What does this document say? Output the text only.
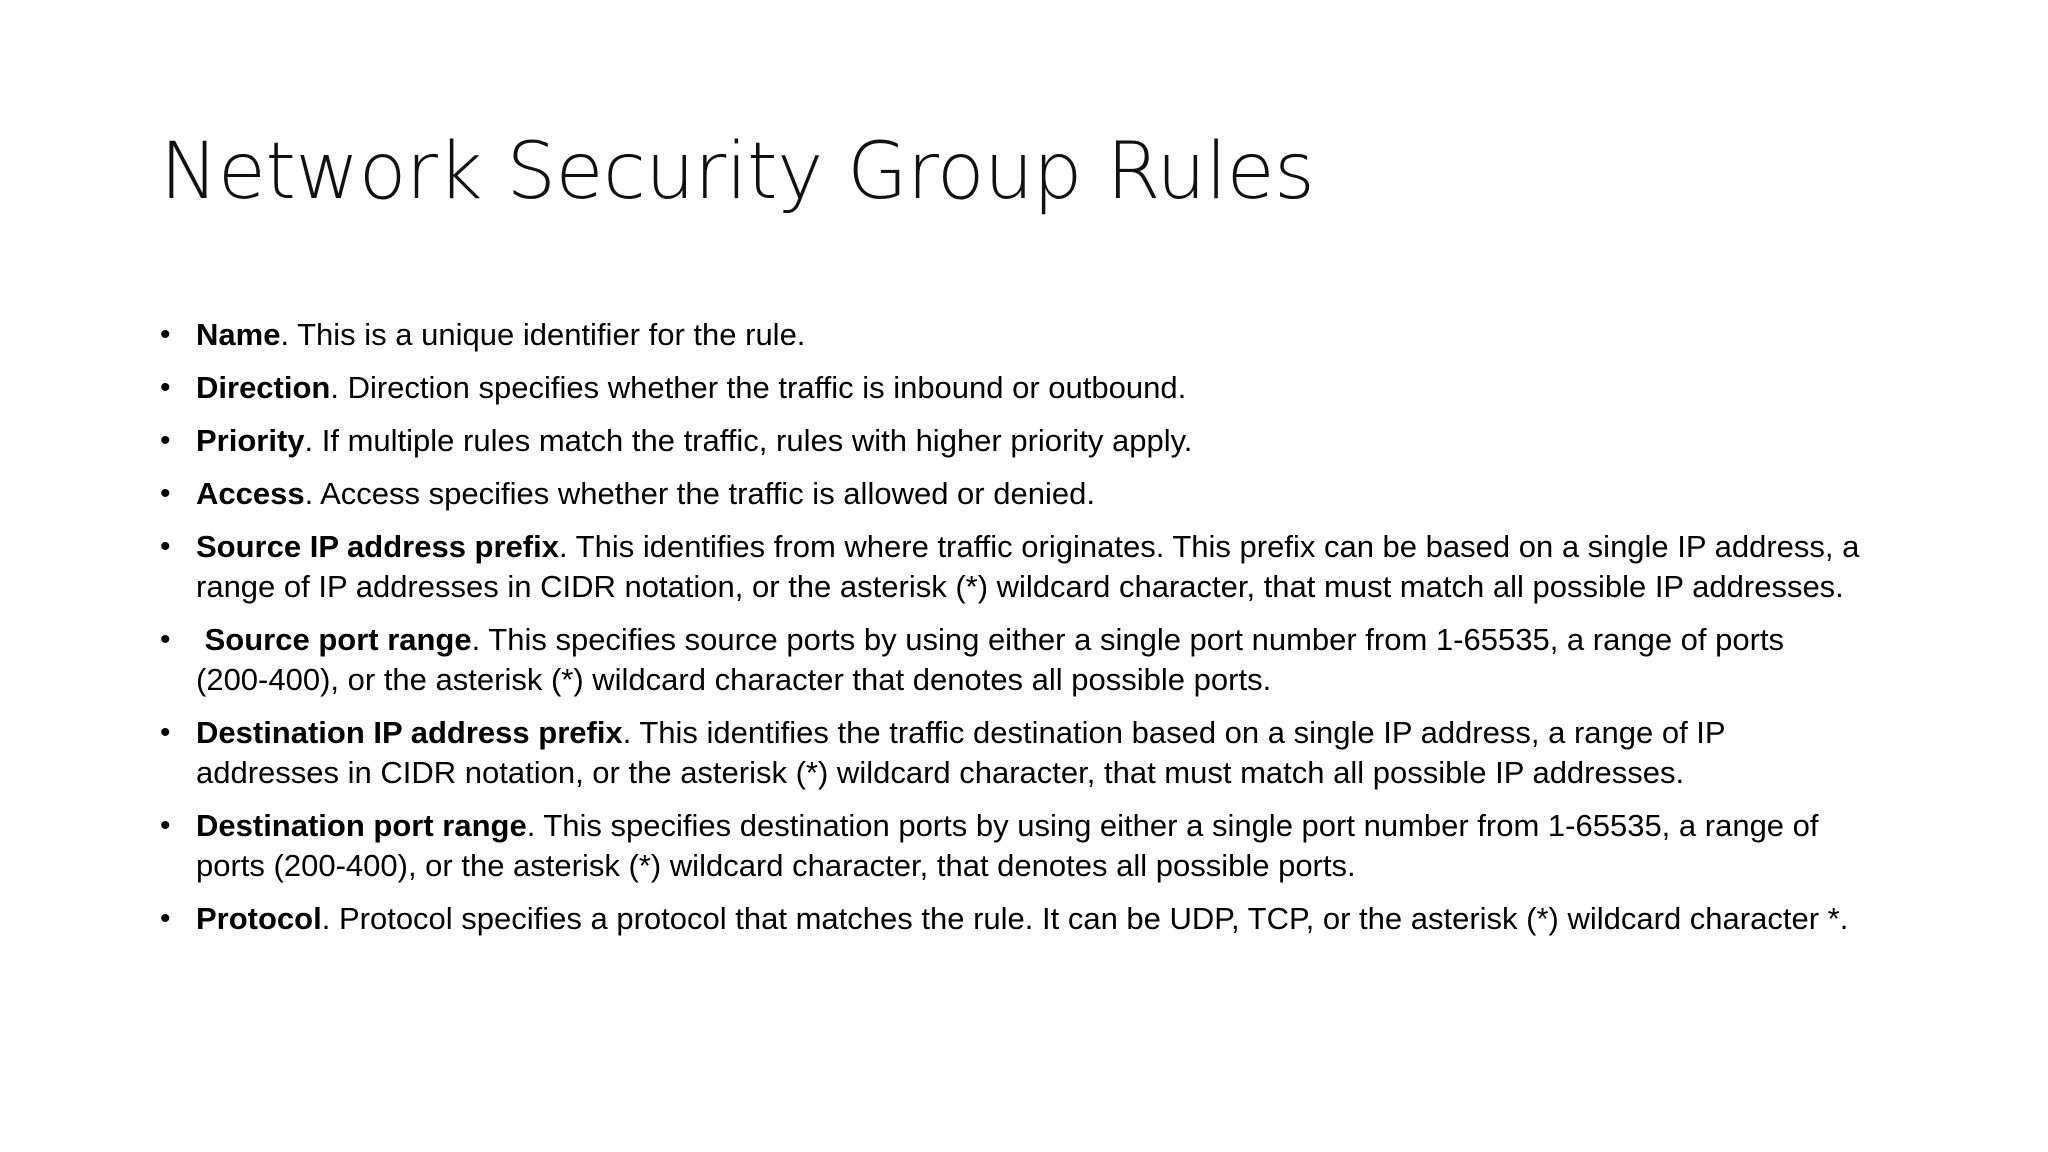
Network Security Group Rules
• Name. This is a unique identifier for the rule.
• Direction. Direction specifies whether the traffic is inbound or outbound.
• Priority. If multiple rules match the traffic, rules with higher priority apply.
• Access. Access specifies whether the traffic is allowed or denied.
• Source IP address prefix. This identifies from where traffic originates. This prefix can be based on a single IP address, a range of IP addresses in CIDR notation, or the asterisk (*) wildcard character, that must match all possible IP addresses.
• Source port range. This specifies source ports by using either a single port number from 1-65535, a range of ports (200-400), or the asterisk (*) wildcard character that denotes all possible ports.
• Destination IP address prefix. This identifies the traffic destination based on a single IP address, a range of IP addresses in CIDR notation, or the asterisk (*) wildcard character, that must match all possible IP addresses.
• Destination port range. This specifies destination ports by using either a single port number from 1-65535, a range of ports (200-400), or the asterisk (*) wildcard character, that denotes all possible ports.
• Protocol. Protocol specifies a protocol that matches the rule. It can be UDP, TCP, or the asterisk (*) wildcard character *.
